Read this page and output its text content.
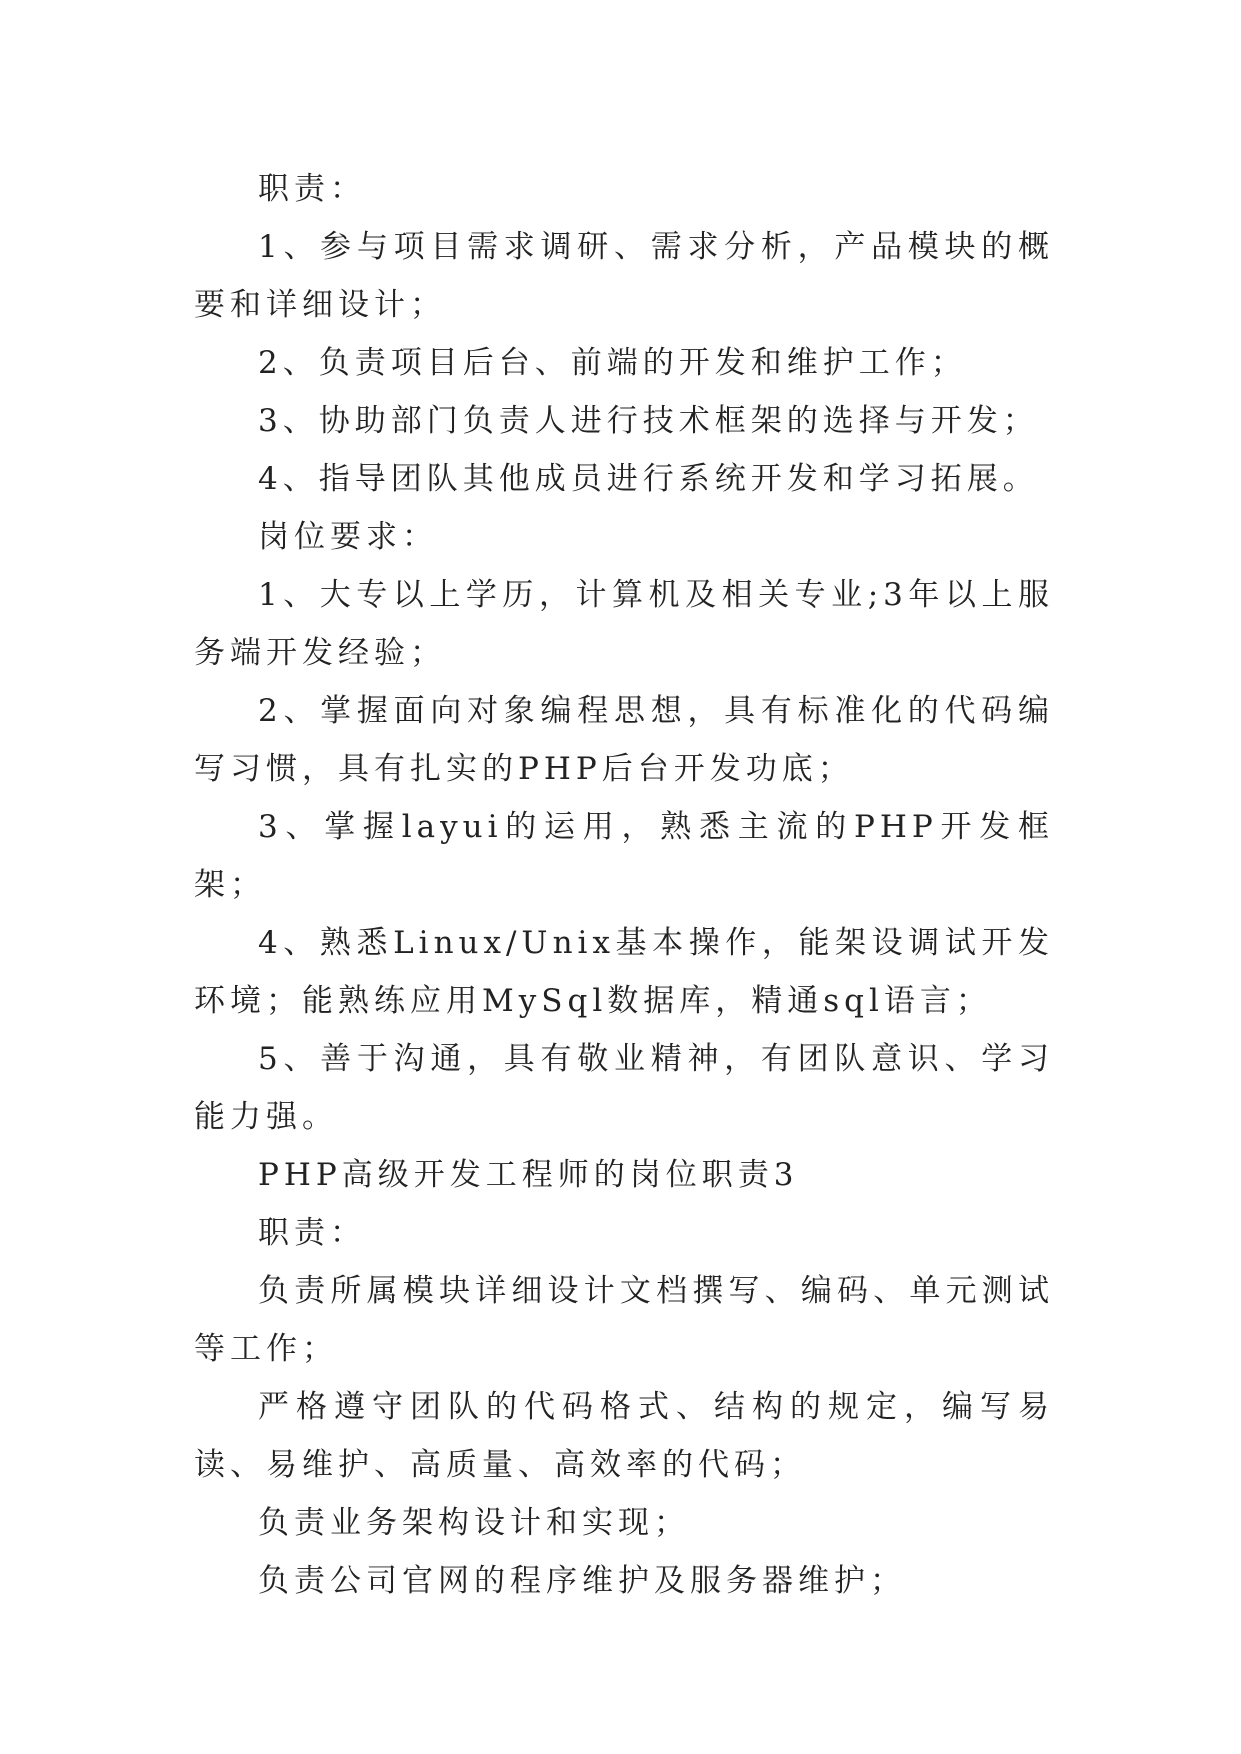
职责：

1、参与项目需求调研、需求分析，产品模块的概要和详细设计；

2、负责项目后台、前端的开发和维护工作；

3、协助部门负责人进行技术框架的选择与开发；

4、指导团队其他成员进行系统开发和学习拓展。

岗位要求：

1、大专以上学历，计算机及相关专业;3年以上服务端开发经验；

2、掌握面向对象编程思想，具有标准化的代码编写习惯，具有扎实的PHP后台开发功底；

3、掌握layui的运用，熟悉主流的PHP开发框架；

4、熟悉Linux/Unix基本操作，能架设调试开发环境；能熟练应用MySql数据库，精通sql语言；

5、善于沟通，具有敬业精神，有团队意识、学习能力强。

PHP高级开发工程师的岗位职责3

职责：

负责所属模块详细设计文档撰写、编码、单元测试等工作；

严格遵守团队的代码格式、结构的规定，编写易读、易维护、高质量、高效率的代码；

负责业务架构设计和实现；

负责公司官网的程序维护及服务器维护；
